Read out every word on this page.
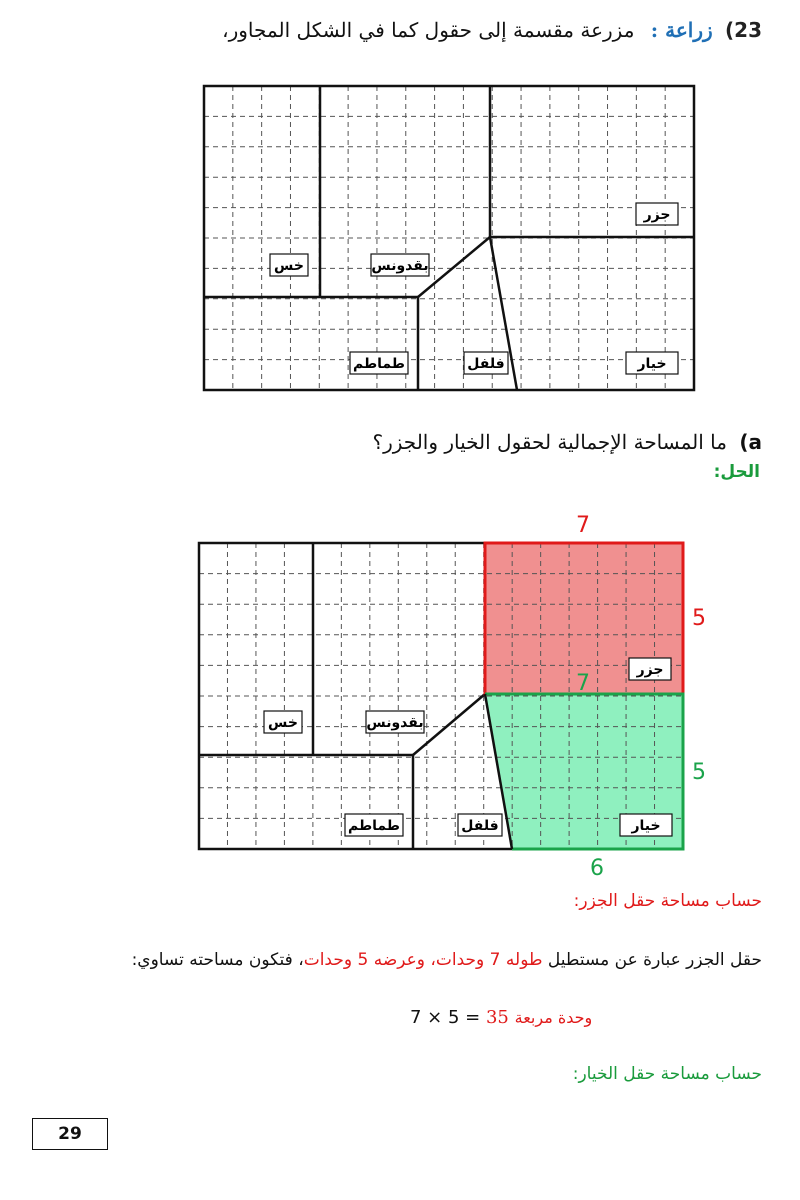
23) زراعة : مزرعة مقسمة إلى حقول كما في الشكل المجاور،
جزر
خس	بقدونس
طماطم	فلفل	خيار
جزر
خس	بقدونس
طماطم	فلفل	خيار
7
5
7
5
6
a) ما المساحة الإجمالية لحقول الخيار والجزر؟
الحل:
حساب مساحة حقل الجزر:
حقل الجزر عبارة عن مستطيل طوله 7 وحدات، وعرضه 5 وحدات، فتكون مساحته تساوي:
7 × 5 = 35 وحدة مربعة
حساب مساحة حقل الخيار:
29
